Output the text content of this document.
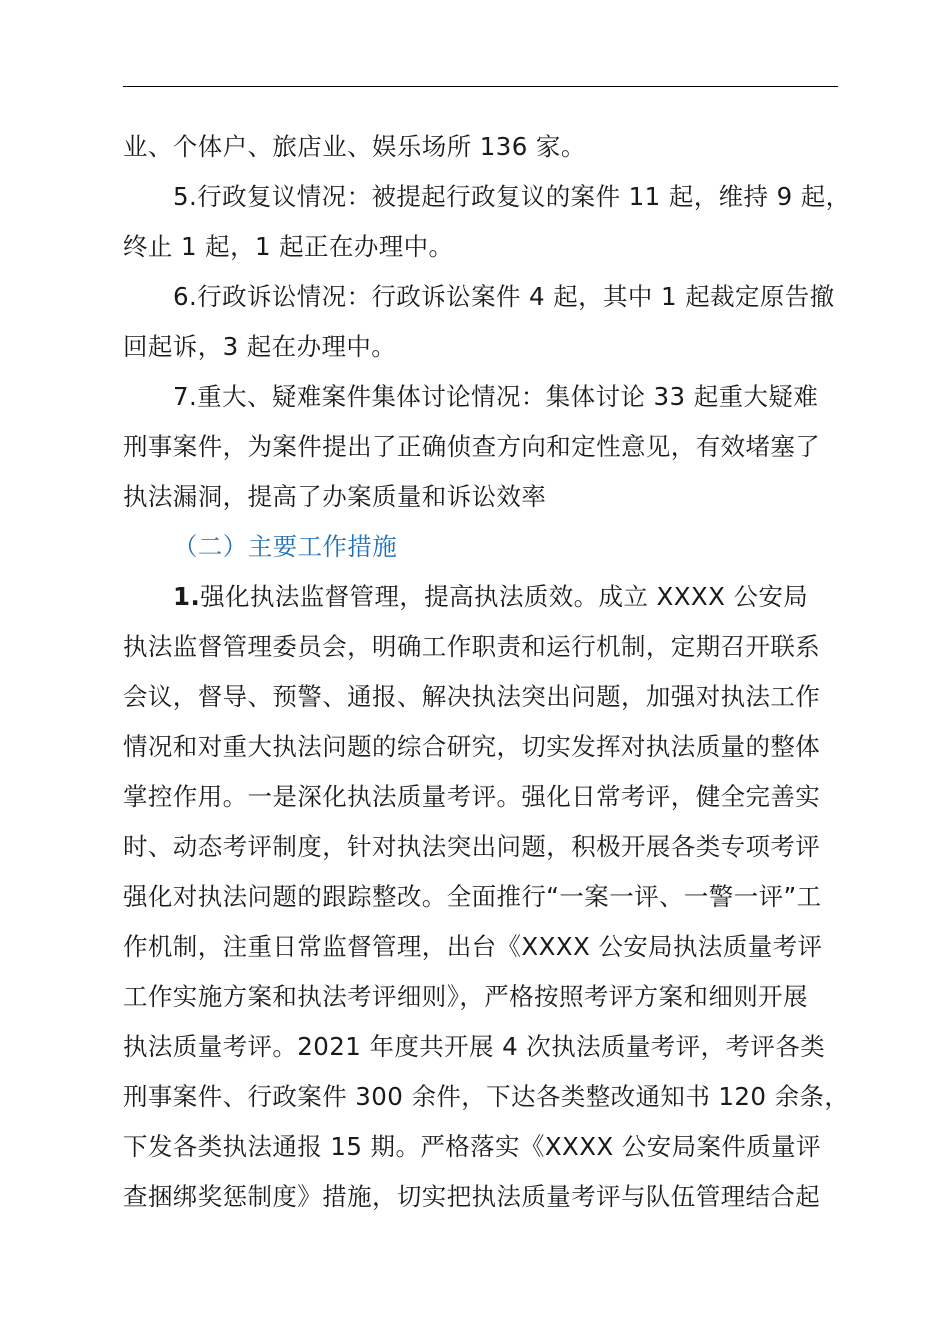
业、个体户、旅店业、娱乐场所 136 家。
5.行政复议情况：被提起行政复议的案件 11 起，维持 9 起，
终止 1 起，1 起正在办理中。
6.行政诉讼情况：行政诉讼案件 4 起，其中 1 起裁定原告撤
回起诉，3 起在办理中。
7.重大、疑难案件集体讨论情况：集体讨论 33 起重大疑难
刑事案件，为案件提出了正确侦查方向和定性意见，有效堵塞了
执法漏洞，提高了办案质量和诉讼效率
（二）主要工作措施
1.强化执法监督管理，提高执法质效。成立 XXXX 公安局
执法监督管理委员会，明确工作职责和运行机制，定期召开联系
会议，督导、预警、通报、解决执法突出问题，加强对执法工作
情况和对重大执法问题的综合研究，切实发挥对执法质量的整体
掌控作用。一是深化执法质量考评。强化日常考评，健全完善实
时、动态考评制度，针对执法突出问题，积极开展各类专项考评
强化对执法问题的跟踪整改。全面推行“一案一评、一警一评”工
作机制，注重日常监督管理，出台《XXXX 公安局执法质量考评
工作实施方案和执法考评细则》，严格按照考评方案和细则开展
执法质量考评。2021 年度共开展 4 次执法质量考评，考评各类
刑事案件、行政案件 300 余件，下达各类整改通知书 120 余条，
下发各类执法通报 15 期。严格落实《XXXX 公安局案件质量评
查捆绑奖惩制度》措施，切实把执法质量考评与队伍管理结合起
